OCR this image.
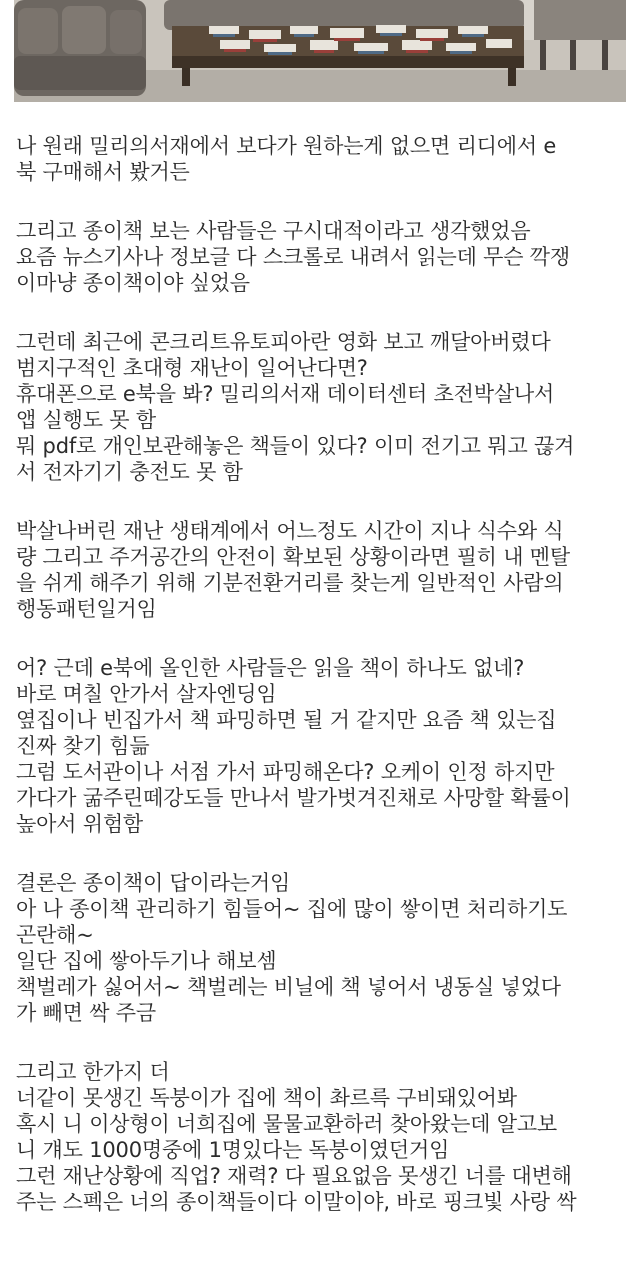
나 원래 밀리의서재에서 보다가 원하는게 없으면 리디에서 e
북 구매해서 봤거든
그리고 종이책 보는 사람들은 구시대적이라고 생각했었음
요즘 뉴스기사나 정보글 다 스크롤로 내려서 읽는데 무슨 깍쟁
이마냥 종이책이야 싶었음
그런데 최근에 콘크리트유토피아란 영화 보고 깨달아버렸다
범지구적인 초대형 재난이 일어난다면?
휴대폰으로 e북을 봐? 밀리의서재 데이터센터 초전박살나서
앱 실행도 못 함
뭐 pdf로 개인보관해놓은 책들이 있다? 이미 전기고 뭐고 끊겨
서 전자기기 충전도 못 함
박살나버린 재난 생태계에서 어느정도 시간이 지나 식수와 식
량 그리고 주거공간의 안전이 확보된 상황이라면 필히 내 멘탈
을 쉬게 해주기 위해 기분전환거리를 찾는게 일반적인 사람의
행동패턴일거임
어? 근데 e북에 올인한 사람들은 읽을 책이 하나도 없네?
바로 며칠 안가서 살자엔딩임
옆집이나 빈집가서 책 파밍하면 될 거 같지만 요즘 책 있는집
진짜 찾기 힘듦
그럼 도서관이나 서점 가서 파밍해온다? 오케이 인정 하지만
가다가 굶주린떼강도들 만나서 발가벗겨진채로 사망할 확률이
높아서 위험함
결론은 종이책이 답이라는거임
아 나 종이책 관리하기 힘들어~ 집에 많이 쌓이면 처리하기도
곤란해~
일단 집에 쌓아두기나 해보셈
책벌레가 싫어서~ 책벌레는 비닐에 책 넣어서 냉동실 넣었다
가 빼면 싹 주금
그리고 한가지 더
너같이 못생긴 독붕이가 집에 책이 촤르륵 구비돼있어봐
혹시 니 이상형이 너희집에 물물교환하러 찾아왔는데 알고보
니 걔도 1000명중에 1명있다는 독붕이였던거임
그런 재난상황에 직업? 재력? 다 필요없음 못생긴 너를 대변해
주는 스펙은 너의 종이책들이다 이말이야, 바로 핑크빛 사랑 싹
